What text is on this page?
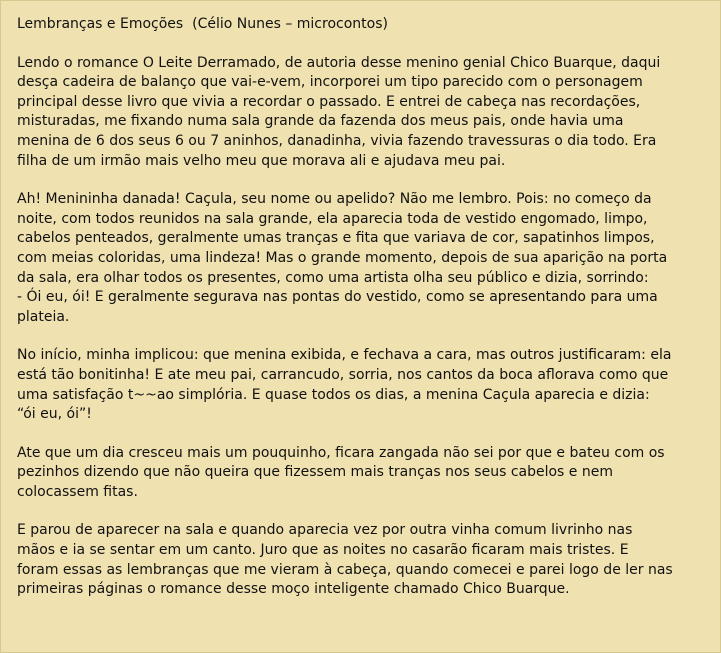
Lembranças e Emoções  (Célio Nunes – microcontos)
Lendo o romance O Leite Derramado, de autoria desse menino genial Chico Buarque, daqui
desça cadeira de balanço que vai-e-vem, incorporei um tipo parecido com o personagem
principal desse livro que vivia a recordar o passado. E entrei de cabeça nas recordações,
misturadas, me fixando numa sala grande da fazenda dos meus pais, onde havia uma
menina de 6 dos seus 6 ou 7 aninhos, danadinha, vivia fazendo travessuras o dia todo. Era
filha de um irmão mais velho meu que morava ali e ajudava meu pai.
Ah! Menininha danada! Caçula, seu nome ou apelido? Não me lembro. Pois: no começo da
noite, com todos reunidos na sala grande, ela aparecia toda de vestido engomado, limpo,
cabelos penteados, geralmente umas tranças e fita que variava de cor, sapatinhos limpos,
com meias coloridas, uma lindeza! Mas o grande momento, depois de sua aparição na porta
da sala, era olhar todos os presentes, como uma artista olha seu público e dizia, sorrindo:
- Ói eu, ói! E geralmente segurava nas pontas do vestido, como se apresentando para uma
plateia.
No início, minha implicou: que menina exibida, e fechava a cara, mas outros justificaram: ela
está tão bonitinha! E ate meu pai, carrancudo, sorria, nos cantos da boca aflorava como que
uma satisfação t~~ao simplória. E quase todos os dias, a menina Caçula aparecia e dizia:
“ói eu, ói”!
Ate que um dia cresceu mais um pouquinho, ficara zangada não sei por que e bateu com os
pezinhos dizendo que não queira que fizessem mais tranças nos seus cabelos e nem
colocassem fitas.
E parou de aparecer na sala e quando aparecia vez por outra vinha comum livrinho nas
mãos e ia se sentar em um canto. Juro que as noites no casarão ficaram mais tristes. E
foram essas as lembranças que me vieram à cabeça, quando comecei e parei logo de ler nas
primeiras páginas o romance desse moço inteligente chamado Chico Buarque.
